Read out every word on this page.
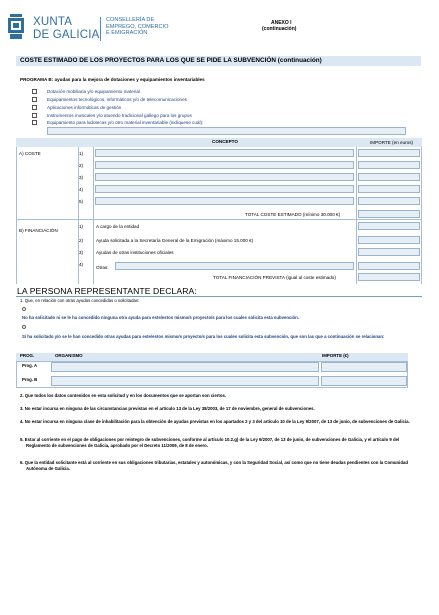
XUNTA
DE GALICIA
CONSELLERÍA DE
EMPREGO, COMERCIO
E EMIGRACIÓN
ANEXO I
(continuación)
COSTE ESTIMADO DE LOS PROYECTOS PARA LOS QUE SE PIDE LA SUBVENCIÓN (continuación)
PROGRAMA B: ayudas para la mejora de dotaciones y equipamientos inventariables
Dotación mobiliaria y/o equipamiento material
Equipamientos tecnológicos, informáticos y/o de telecomunicaciones
Aplicaciones informáticas de gestión
Instrumentos musicales y/o atuendo tradicional gallego para los grupos
Equipamiento para ludotecas y/o otro material inventariable (indíquese cuál):
CONCEPTO	IMPORTE (en euros)
A) COSTE	1)
2)
3)
4)
5)
TOTAL COSTE ESTIMADO (mínimo 30.000 €)
B) FINANCIACIÓN
1)	A cargo de la entidad
2)	Ayuda solicitada a la Secretaría General de la Emigración (máximo 15.000 €)
3)	Ayudas de otras instituciones oficiales
4)
Otras:
TOTAL FINANCIACIÓN PREVISTA (igual al coste estimado)
LA PERSONA REPRESENTANTE DECLARA:
1. Que, en relación con otras ayudas concedidas o solicitadas:
No ha solicitado ni se le ha concedido ninguna otra ayuda para este/estos mismo/s proyecto/s para los cuales solicita esta subvención.
Sí ha solicitado y/o se le han concedido otras ayudas para este/estos mismo/s proyecto/s para los cuales solicita esta subvención, que son las que a continuación se relacionan:
PROG.	ORGANISMO	IMPORTE (€)
Prog. A
Prog. B
2. Que todos los datos contenidos en esta solicitud y en los documentos que se aportan son ciertos.
3. No estar incursa en ninguna de las circunstancias previstas en el artículo 13 de la Ley 38/2003, de 17 de noviembre, general de subvenciones.
4. No estar incursa en ninguna clase de inhabilitación para la obtención de ayudas previstas en los apartados 2 y 3 del artículo 10 de la Ley 9/2007, de 13 de junio, de subvenciones de Galicia.
5. Estar al corriente en el pago de obligaciones por reintegro de subvenciones, conforme al artículo 10.2.g) de la Ley 9/2007, de 13 de junio, de subvenciones de Galicia, y el artículo 9 del Reglamento de subvenciones de Galicia, aprobado por el Decreto 11/2009, de 8 de enero.
6. Que la entidad solicitante está al corriente en sus obligaciones tributarias, estatales y autonómicas, y con la Seguridad Social, así como que no tiene deudas pendientes con la Comunidad Autónoma de Galicia.
